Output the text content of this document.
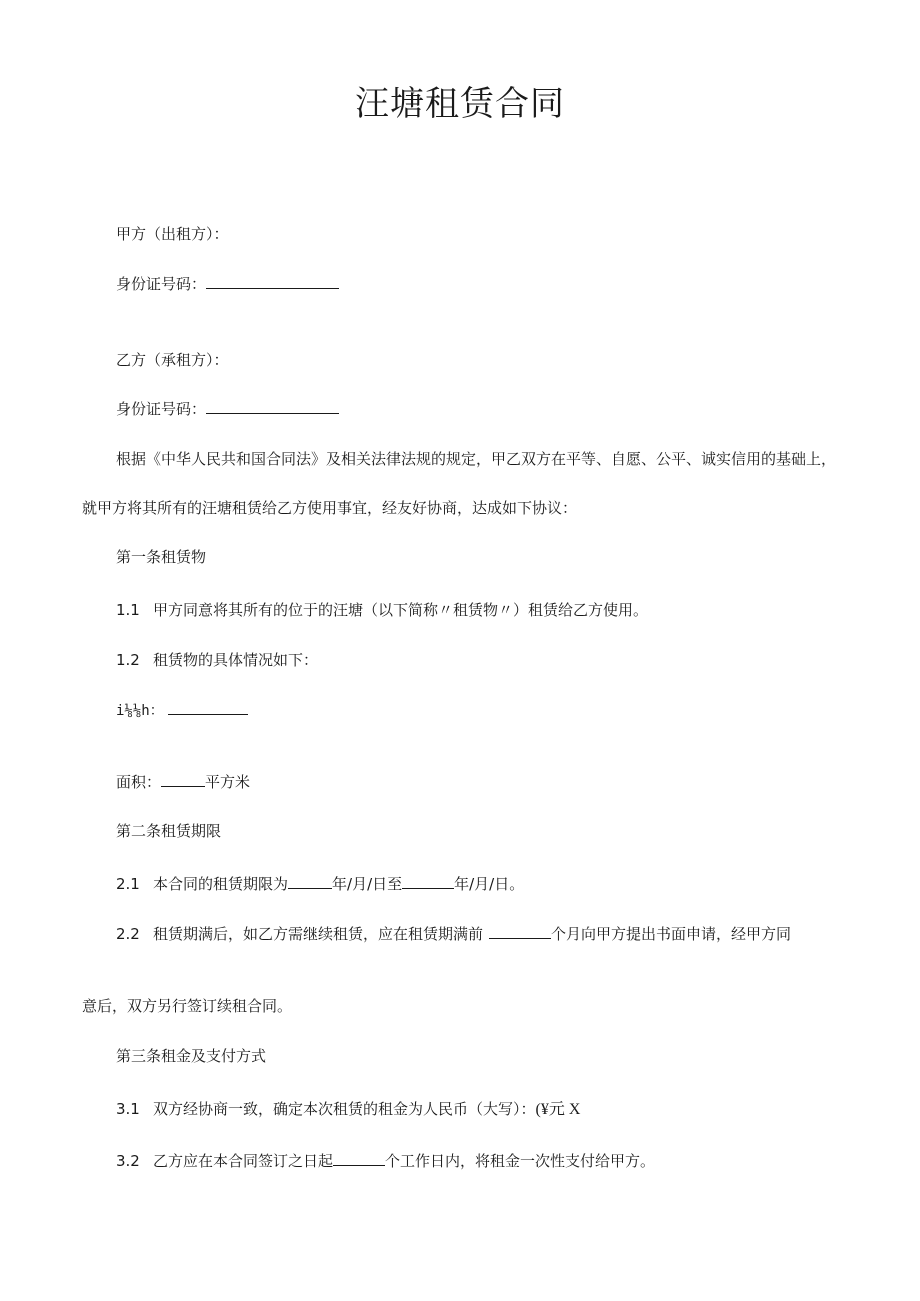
汪塘租赁合同
甲方（出租方）：
身份证号码：
乙方（承租方）：
身份证号码：
根据《中华人民共和国合同法》及相关法律法规的规定，甲乙双方在平等、自愿、公平、诚实信用的基础上，
就甲方将其所有的汪塘租赁给乙方使用事宜，经友好协商，达成如下协议：
第一条租赁物
1.1 甲方同意将其所有的位于的汪塘（以下简称〃租赁物〃）租赁给乙方使用。
1.2 租赁物的具体情况如下：
i⅛⅛h：
面积：	平方米
第二条租赁期限
2.1 本合同的租赁期限为	年/月/日至	年/月/日。
2.2 租赁期满后，如乙方需继续租赁，应在租赁期满前	个月向甲方提出书面申请，经甲方同
意后，双方另行签订续租合同。
第三条租金及支付方式
3.1 双方经协商一致，确定本次租赁的租金为人民币（大写）：(¥元 X
3.2 乙方应在本合同签订之日起	个工作日内，将租金一次性支付给甲方。
